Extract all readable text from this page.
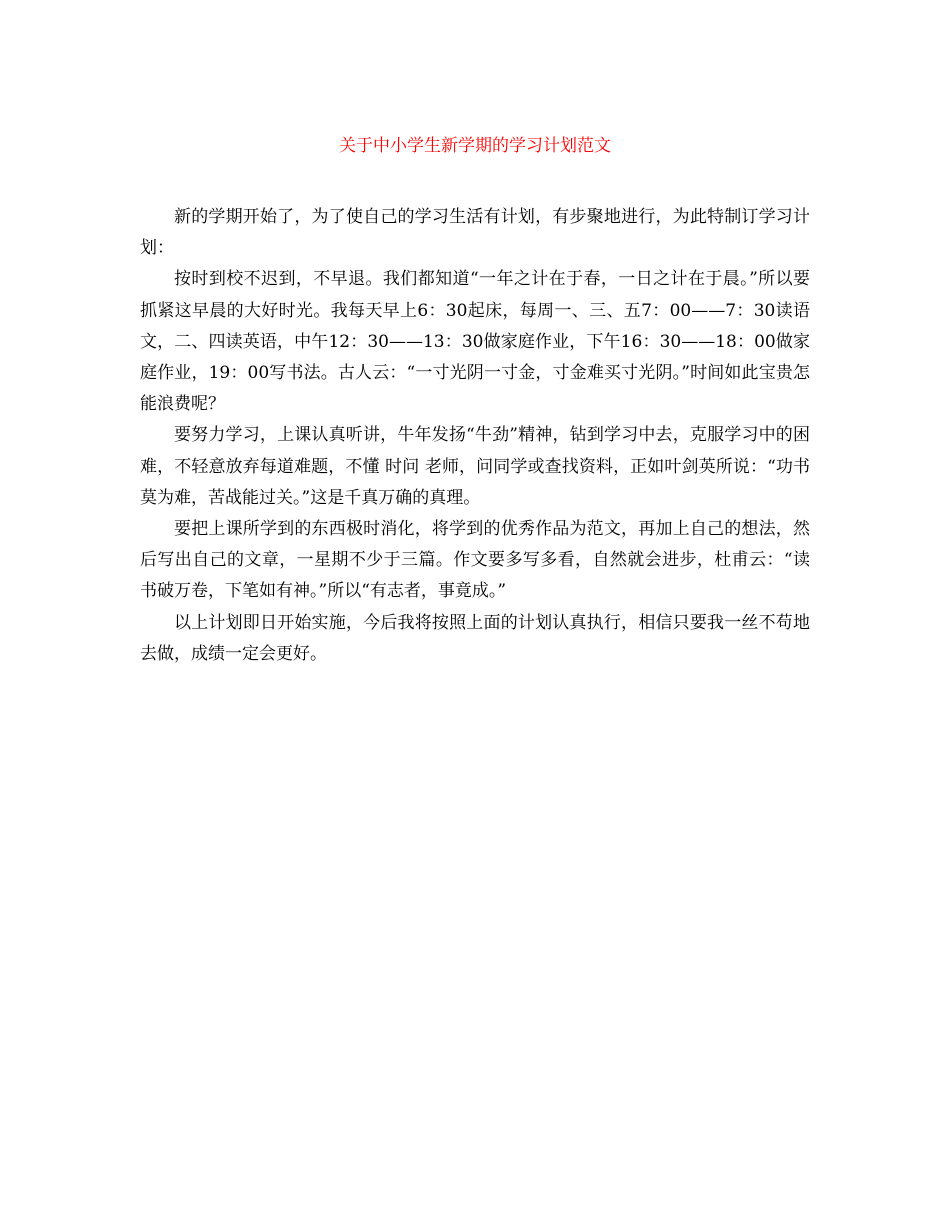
关于中小学生新学期的学习计划范文

新的学期开始了，为了使自己的学习生活有计划，有步聚地进行，为此特制订学习计划：

按时到校不迟到，不早退。我们都知道“一年之计在于春，一日之计在于晨。”所以要抓紧这早晨的大好时光。我每天早上6：30起床，每周一、三、五7：00——7：30读语文，二、四读英语，中午12：30——13：30做家庭作业，下午16：30——18：00做家庭作业，19：00写书法。古人云：“一寸光阴一寸金，寸金难买寸光阴。”时间如此宝贵怎能浪费呢？

要努力学习，上课认真听讲，牛年发扬“牛劲”精神，钻到学习中去，克服学习中的困难，不轻意放弃每道难题，不懂 时问 老师，问同学或查找资料，正如叶剑英所说：“功书莫为难，苦战能过关。”这是千真万确的真理。

要把上课所学到的东西极时消化，将学到的优秀作品为范文，再加上自己的想法，然后写出自己的文章，一星期不少于三篇。作文要多写多看，自然就会进步，杜甫云：“读书破万卷，下笔如有神。”所以“有志者，事竟成。”

以上计划即日开始实施，今后我将按照上面的计划认真执行，相信只要我一丝不苟地去做，成绩一定会更好。
